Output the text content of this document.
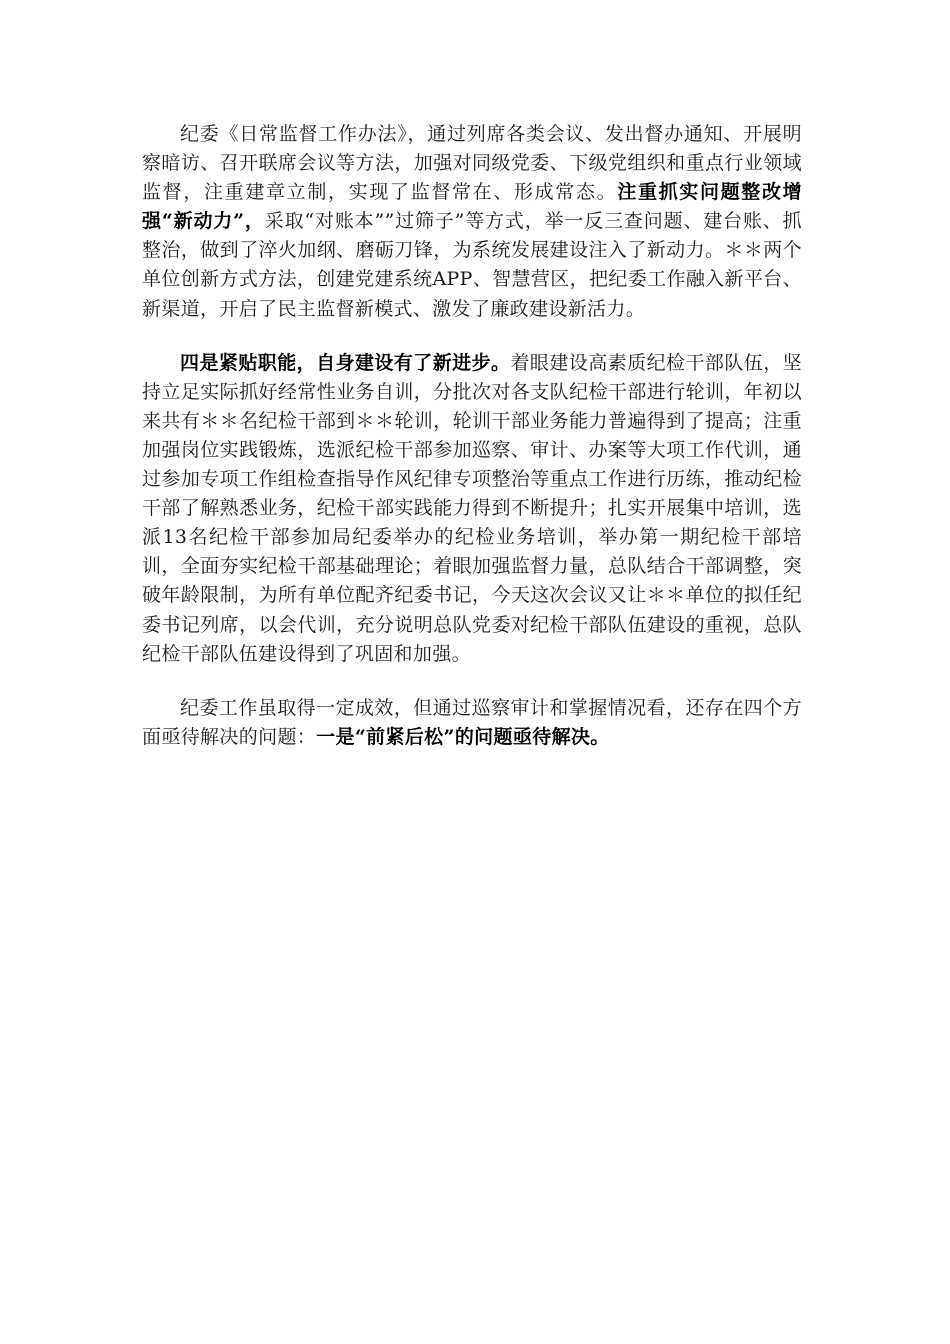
纪委《日常监督工作办法》，通过列席各类会议、发出督办通知、开展明察暗访、召开联席会议等方法，加强对同级党委、下级党组织和重点行业领域监督，注重建章立制，实现了监督常在、形成常态。注重抓实问题整改增强“新动力”，采取“对账本””过筛子”等方式，举一反三查问题、建台账、抓整治，做到了淬火加纲、磨砺刀锋，为系统发展建设注入了新动力。＊＊两个单位创新方式方法，创建党建系统APP、智慧营区，把纪委工作融入新平台、新渠道，开启了民主监督新模式、激发了廉政建设新活力。

四是紧贴职能，自身建设有了新进步。着眼建设高素质纪检干部队伍，坚持立足实际抓好经常性业务自训，分批次对各支队纪检干部进行轮训，年初以来共有＊＊名纪检干部到＊＊轮训，轮训干部业务能力普遍得到了提高；注重加强岗位实践锻炼，选派纪检干部参加巡察、审计、办案等大项工作代训，通过参加专项工作组检查指导作风纪律专项整治等重点工作进行历练，推动纪检干部了解熟悉业务，纪检干部实践能力得到不断提升；扎实开展集中培训，选派13名纪检干部参加局纪委举办的纪检业务培训，举办第一期纪检干部培训，全面夯实纪检干部基础理论；着眼加强监督力量，总队结合干部调整，突破年龄限制，为所有单位配齐纪委书记，今天这次会议又让＊＊单位的拟任纪委书记列席，以会代训，充分说明总队党委对纪检干部队伍建设的重视，总队纪检干部队伍建设得到了巩固和加强。

纪委工作虽取得一定成效，但通过巡察审计和掌握情况看，还存在四个方面亟待解决的问题：一是“前紧后松”的问题亟待解决。
